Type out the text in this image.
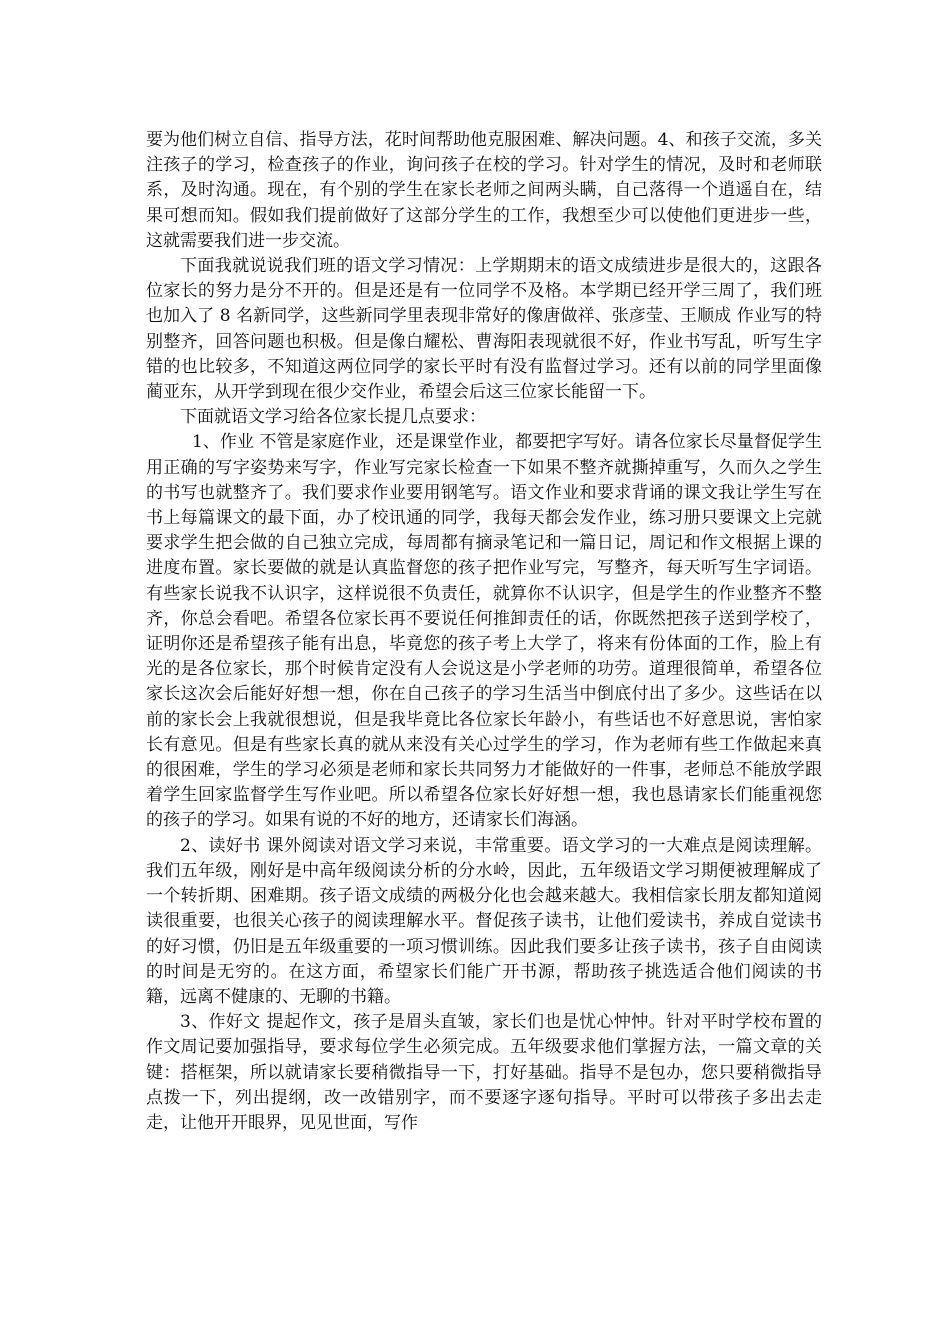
要为他们树立自信、指导方法，花时间帮助他克服困难、解决问题。4、和孩子交流，多关注孩子的学习，检查孩子的作业，询问孩子在校的学习。针对学生的情况，及时和老师联系，及时沟通。现在，有个别的学生在家长老师之间两头瞒，自己落得一个逍遥自在，结果可想而知。假如我们提前做好了这部分学生的工作，我想至少可以使他们更进步一些，这就需要我们进一步交流。

下面我就说说我们班的语文学习情况：上学期期末的语文成绩进步是很大的，这跟各位家长的努力是分不开的。但是还是有一位同学不及格。本学期已经开学三周了，我们班也加入了 8 名新同学，这些新同学里表现非常好的像唐做祥、张彦莹、王顺成 作业写的特别整齐，回答问题也积极。但是像白耀松、曹海阳表现就很不好，作业书写乱，听写生字错的也比较多，不知道这两位同学的家长平时有没有监督过学习。还有以前的同学里面像蔺亚东，从开学到现在很少交作业，希望会后这三位家长能留一下。

下面就语文学习给各位家长提几点要求：

1、作业 不管是家庭作业，还是课堂作业，都要把字写好。请各位家长尽量督促学生用正确的写字姿势来写字，作业写完家长检查一下如果不整齐就撕掉重写，久而久之学生的书写也就整齐了。我们要求作业要用钢笔写。语文作业和要求背诵的课文我让学生写在书上每篇课文的最下面，办了校讯通的同学，我每天都会发作业，练习册只要课文上完就要求学生把会做的自己独立完成，每周都有摘录笔记和一篇日记，周记和作文根据上课的进度布置。家长要做的就是认真监督您的孩子把作业写完，写整齐，每天听写生字词语。有些家长说我不认识字，这样说很不负责任，就算你不认识字，但是学生的作业整齐不整齐，你总会看吧。希望各位家长再不要说任何推卸责任的话，你既然把孩子送到学校了，证明你还是希望孩子能有出息，毕竟您的孩子考上大学了，将来有份体面的工作，脸上有光的是各位家长，那个时候肯定没有人会说这是小学老师的功劳。道理很简单，希望各位家长这次会后能好好想一想，你在自己孩子的学习生活当中倒底付出了多少。这些话在以前的家长会上我就很想说，但是我毕竟比各位家长年龄小，有些话也不好意思说，害怕家长有意见。但是有些家长真的就从来没有关心过学生的学习，作为老师有些工作做起来真的很困难，学生的学习必须是老师和家长共同努力才能做好的一件事，老师总不能放学跟着学生回家监督学生写作业吧。所以希望各位家长好好想一想，我也恳请家长们能重视您的孩子的学习。如果有说的不好的地方，还请家长们海涵。

2、读好书 课外阅读对语文学习来说，丰常重要。语文学习的一大难点是阅读理解。我们五年级，刚好是中高年级阅读分析的分水岭，因此，五年级语文学习期便被理解成了一个转折期、困难期。孩子语文成绩的两极分化也会越来越大。我相信家长朋友都知道阅读很重要，也很关心孩子的阅读理解水平。督促孩子读书，让他们爱读书，养成自觉读书的好习惯，仍旧是五年级重要的一项习惯训练。因此我们要多让孩子读书，孩子自由阅读的时间是无穷的。在这方面，希望家长们能广开书源，帮助孩子挑选适合他们阅读的书籍，远离不健康的、无聊的书籍。

3、作好文 提起作文，孩子是眉头直皱，家长们也是忧心忡忡。针对平时学校布置的作文周记要加强指导，要求每位学生必须完成。五年级要求他们掌握方法，一篇文章的关键：搭框架，所以就请家长要稍微指导一下，打好基础。指导不是包办，您只要稍微指导点拨一下，列出提纲，改一改错别字，而不要逐字逐句指导。平时可以带孩子多出去走走，让他开开眼界，见见世面，写作
